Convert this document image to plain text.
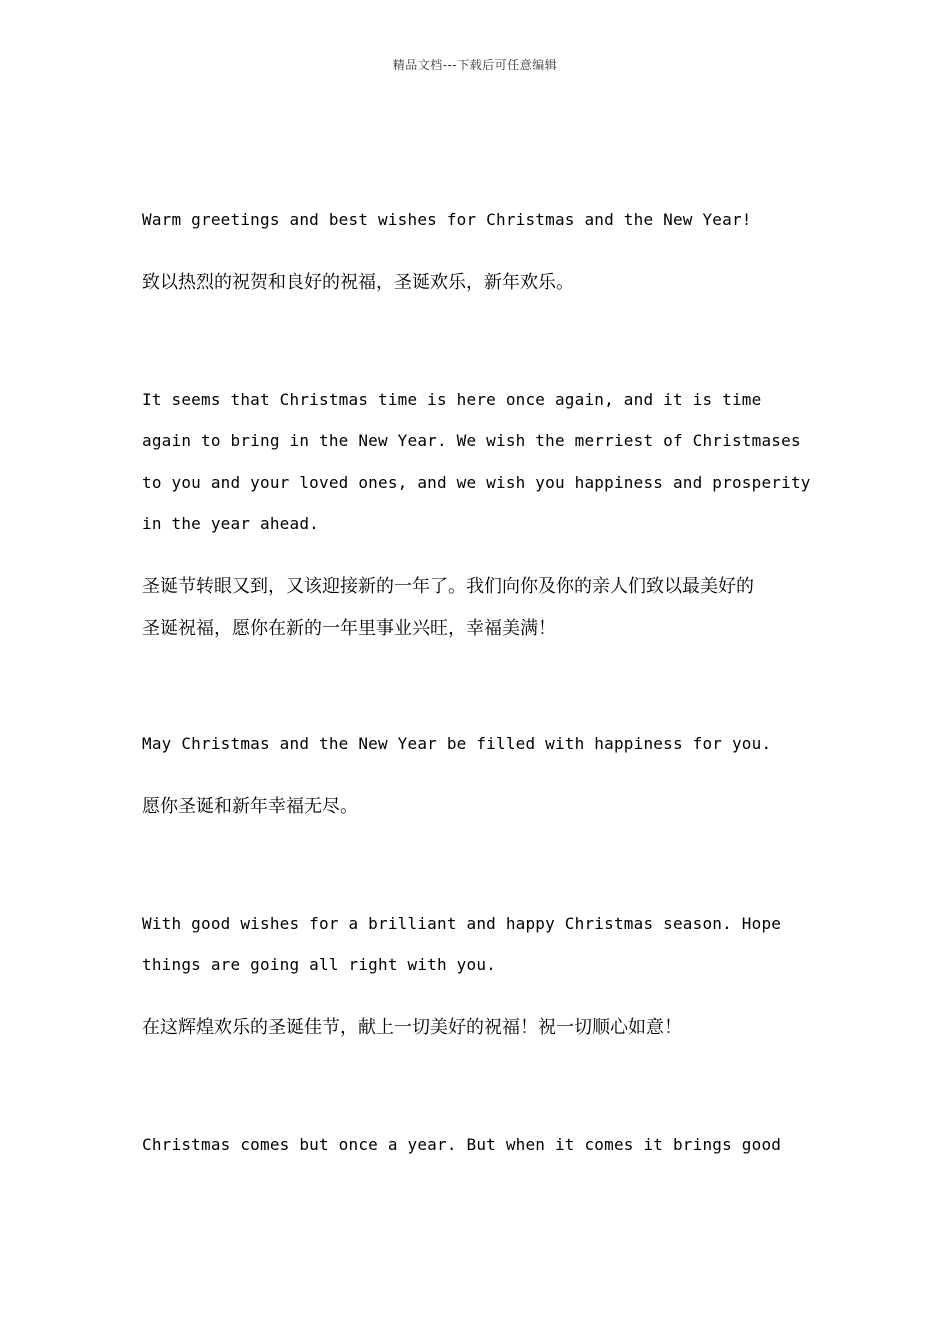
精品文档---下载后可任意编辑
Warm greetings and best wishes for Christmas and the New Year!
致以热烈的祝贺和良好的祝福，圣诞欢乐，新年欢乐。
It seems that Christmas time is here once again, and it is time
again to bring in the New Year. We wish the merriest of Christmases
to you and your loved ones, and we wish you happiness and prosperity
in the year ahead.
圣诞节转眼又到，又该迎接新的一年了。我们向你及你的亲人们致以最美好的
圣诞祝福，愿你在新的一年里事业兴旺，幸福美满！
May Christmas and the New Year be filled with happiness for you.
愿你圣诞和新年幸福无尽。
With good wishes for a brilliant and happy Christmas season. Hope
things are going all right with you.
在这辉煌欢乐的圣诞佳节，献上一切美好的祝福！祝一切顺心如意！
Christmas comes but once a year. But when it comes it brings good
